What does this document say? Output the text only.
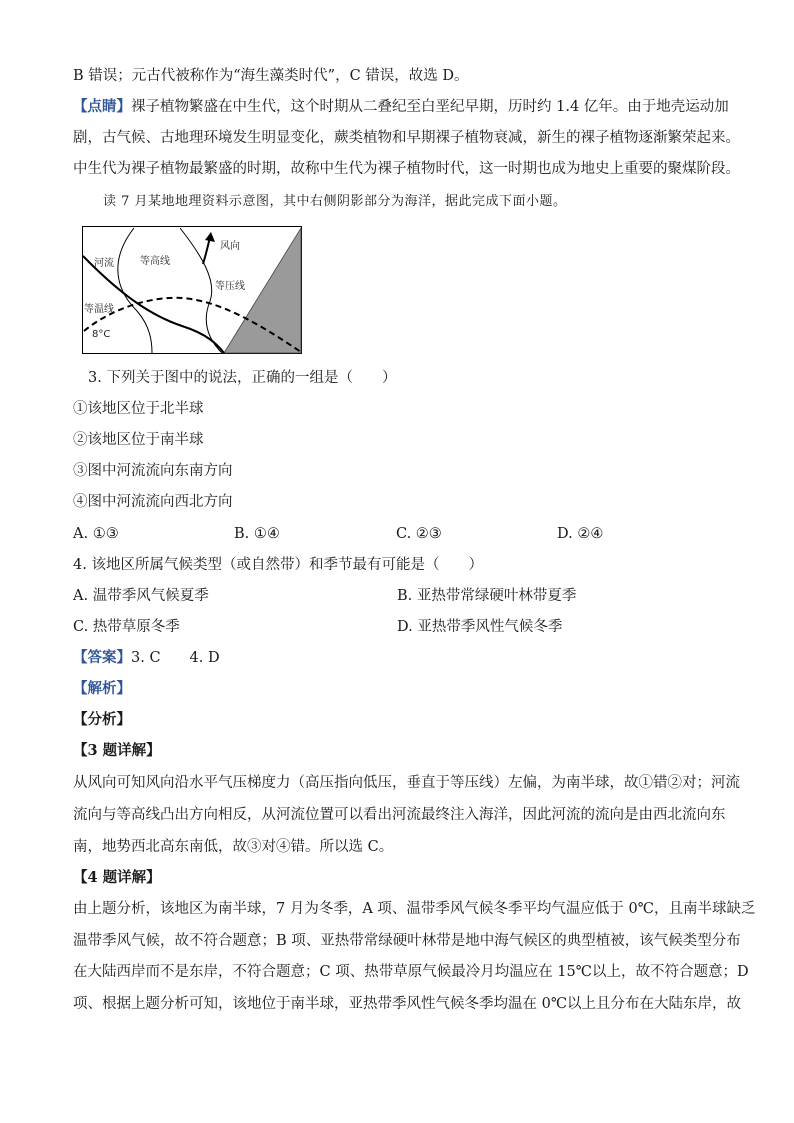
B 错误；元古代被称作为“海生藻类时代”，C 错误，故选 D。
【点睛】裸子植物繁盛在中生代，这个时期从二叠纪至白垩纪早期，历时约 1.4 亿年。由于地壳运动加
剧，古气候、古地理环境发生明显变化，蕨类植物和早期裸子植物衰减，新生的裸子植物逐渐繁荣起来。
中生代为裸子植物最繁盛的时期，故称中生代为裸子植物时代，这一时期也成为地史上重要的聚煤阶段。
读 7 月某地地理资料示意图，其中右侧阴影部分为海洋，据此完成下面小题。
河流	等高线
风向
等压线
等温线
8°C
3. 下列关于图中的说法，正确的一组是（　　）
①该地区位于北半球
②该地区位于南半球
③图中河流流向东南方向
④图中河流流向西北方向
A. ①③	B. ①④	C. ②③	D. ②④
4. 该地区所属气候类型（或自然带）和季节最有可能是（　　）
A. 温带季风气候夏季	B. 亚热带常绿硬叶林带夏季
C. 热带草原冬季	D. 亚热带季风性气候冬季
【答案】3. C　　4. D
【解析】
【分析】
【3 题详解】
从风向可知风向沿水平气压梯度力（高压指向低压，垂直于等压线）左偏，为南半球，故①错②对；河流
流向与等高线凸出方向相反，从河流位置可以看出河流最终注入海洋，因此河流的流向是由西北流向东
南，地势西北高东南低，故③对④错。所以选 C。
【4 题详解】
由上题分析，该地区为南半球，7 月为冬季，A 项、温带季风气候冬季平均气温应低于 0℃，且南半球缺乏
温带季风气候，故不符合题意；B 项、亚热带常绿硬叶林带是地中海气候区的典型植被，该气候类型分布
在大陆西岸而不是东岸，不符合题意；C 项、热带草原气候最冷月均温应在 15℃以上，故不符合题意；D
项、根据上题分析可知，该地位于南半球，亚热带季风性气候冬季均温在 0℃以上且分布在大陆东岸，故
